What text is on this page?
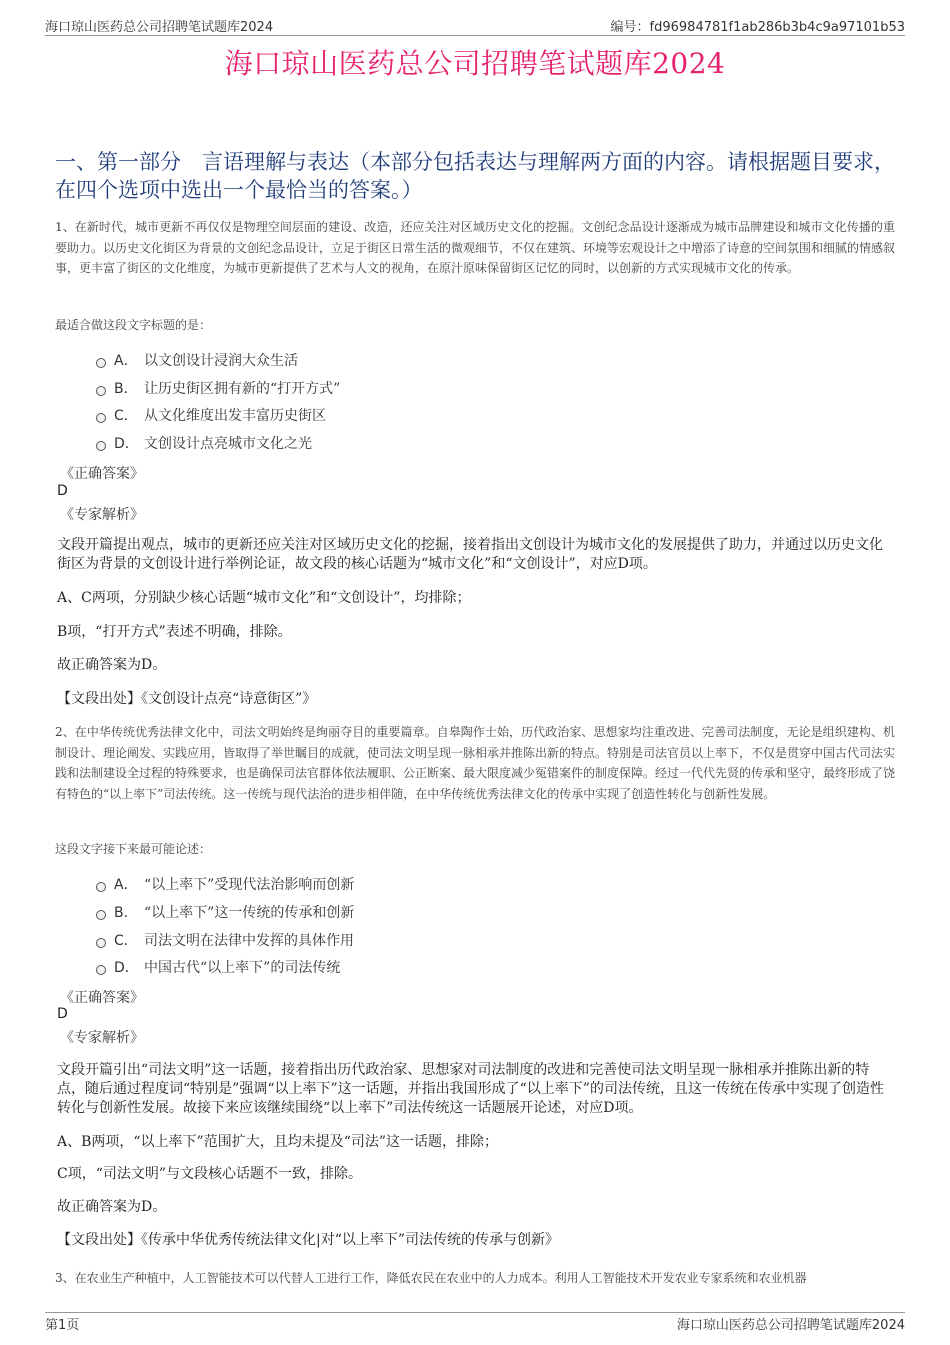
海口琼山医药总公司招聘笔试题库2024	编号：fd96984781f1ab286b3b4c9a97101b53
海口琼山医药总公司招聘笔试题库2024
一、第一部分　言语理解与表达（本部分包括表达与理解两方面的内容。请根据题目要求，在四个选项中选出一个最恰当的答案。）
1、在新时代，城市更新不再仅仅是物理空间层面的建设、改造，还应关注对区域历史文化的挖掘。文创纪念品设计逐渐成为城市品牌建设和城市文化传播的重要助力。以历史文化街区为背景的文创纪念品设计，立足于街区日常生活的微观细节，不仅在建筑、环境等宏观设计之中增添了诗意的空间氛围和细腻的情感叙事，更丰富了街区的文化维度，为城市更新提供了艺术与人文的视角，在原汁原味保留街区记忆的同时，以创新的方式实现城市文化的传承。
最适合做这段文字标题的是：
A． 以文创设计浸润大众生活
B． 让历史街区拥有新的“打开方式”
C． 从文化维度出发丰富历史街区
D． 文创设计点亮城市文化之光
《正确答案》
D
《专家解析》
文段开篇提出观点，城市的更新还应关注对区域历史文化的挖掘，接着指出文创设计为城市文化的发展提供了助力，并通过以历史文化街区为背景的文创设计进行举例论证，故文段的核心话题为“城市文化”和“文创设计”，对应D项。
A、C两项，分别缺少核心话题“城市文化”和“文创设计”，均排除；
B项，“打开方式”表述不明确，排除。
故正确答案为D。
【文段出处】《文创设计点亮“诗意街区”》
2、在中华传统优秀法律文化中，司法文明始终是绚丽夺目的重要篇章。自皋陶作士始，历代政治家、思想家均注重改进、完善司法制度，无论是组织建构、机制设计、理论阐发、实践应用，皆取得了举世瞩目的成就，使司法文明呈现一脉相承并推陈出新的特点。特别是司法官员以上率下，不仅是贯穿中国古代司法实践和法制建设全过程的特殊要求，也是确保司法官群体依法履职、公正断案、最大限度减少冤错案件的制度保障。经过一代代先贤的传承和坚守，最终形成了饶有特色的“以上率下”司法传统。这一传统与现代法治的进步相伴随，在中华传统优秀法律文化的传承中实现了创造性转化与创新性发展。
这段文字接下来最可能论述：
A． “以上率下”受现代法治影响而创新
B． “以上率下”这一传统的传承和创新
C． 司法文明在法律中发挥的具体作用
D． 中国古代“以上率下”的司法传统
《正确答案》
D
《专家解析》
文段开篇引出“司法文明”这一话题，接着指出历代政治家、思想家对司法制度的改进和完善使司法文明呈现一脉相承并推陈出新的特点，随后通过程度词“特别是”强调“以上率下”这一话题，并指出我国形成了“以上率下”的司法传统，且这一传统在传承中实现了创造性转化与创新性发展。故接下来应该继续围绕“以上率下”司法传统这一话题展开论述，对应D项。
A、B两项，“以上率下”范围扩大，且均未提及“司法”这一话题，排除；
C项，“司法文明”与文段核心话题不一致，排除。
故正确答案为D。
【文段出处】《传承中华优秀传统法律文化|对“以上率下”司法传统的传承与创新》
3、在农业生产种植中，人工智能技术可以代替人工进行工作，降低农民在农业中的人力成本。利用人工智能技术开发农业专家系统和农业机器
第1页	海口琼山医药总公司招聘笔试题库2024
